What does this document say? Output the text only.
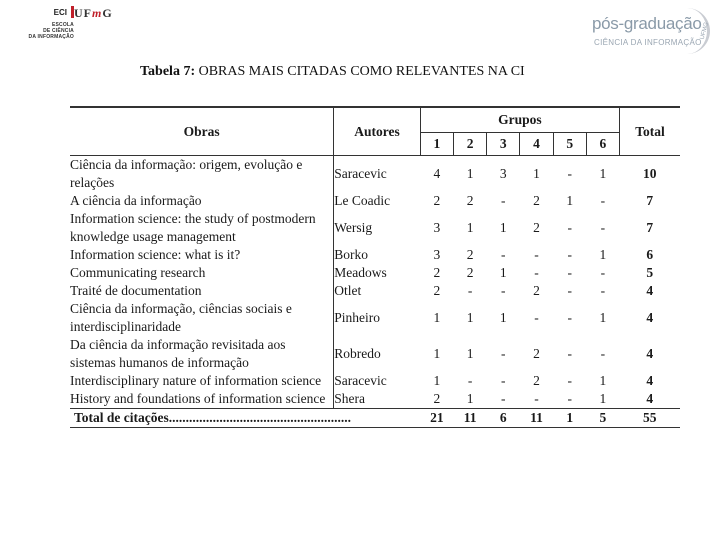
ECI
ESCOLA
DE CIÊNCIA
DA INFORMAÇÃO
UFmG
pós-graduação
CIÊNCIA DA INFORMAÇÃO
UFMG
Tabela 7: OBRAS MAIS CITADAS COMO RELEVANTES NA CI
Obras	Autores	Grupos						Total
		1	2	3	4	5	6	
Ciência da informação: origem, evolução e relações	Saracevic	4	1	3	1	-	1	10
A ciência da informação	Le Coadic	2	2	-	2	1	-	7
Information science: the study of postmodern knowledge usage management	Wersig	3	1	1	2	-	-	7
Information science: what is it?	Borko	3	2	-	-	-	1	6
Communicating research	Meadows	2	2	1	-	-	-	5
Traité de documentation	Otlet	2	-	-	2	-	-	4
Ciência da informação, ciências sociais e interdisciplinaridade	Pinheiro	1	1	1	-	-	1	4
Da ciência da informação revisitada aos sistemas humanos de informação	Robredo	1	1	-	2	-	-	4
Interdisciplinary nature of information science	Saracevic	1	-	-	2	-	1	4
History and foundations of information science	Shera	2	1	-	-	-	1	4
Total de citações......................................................		21	11	6	11	1	5	55
